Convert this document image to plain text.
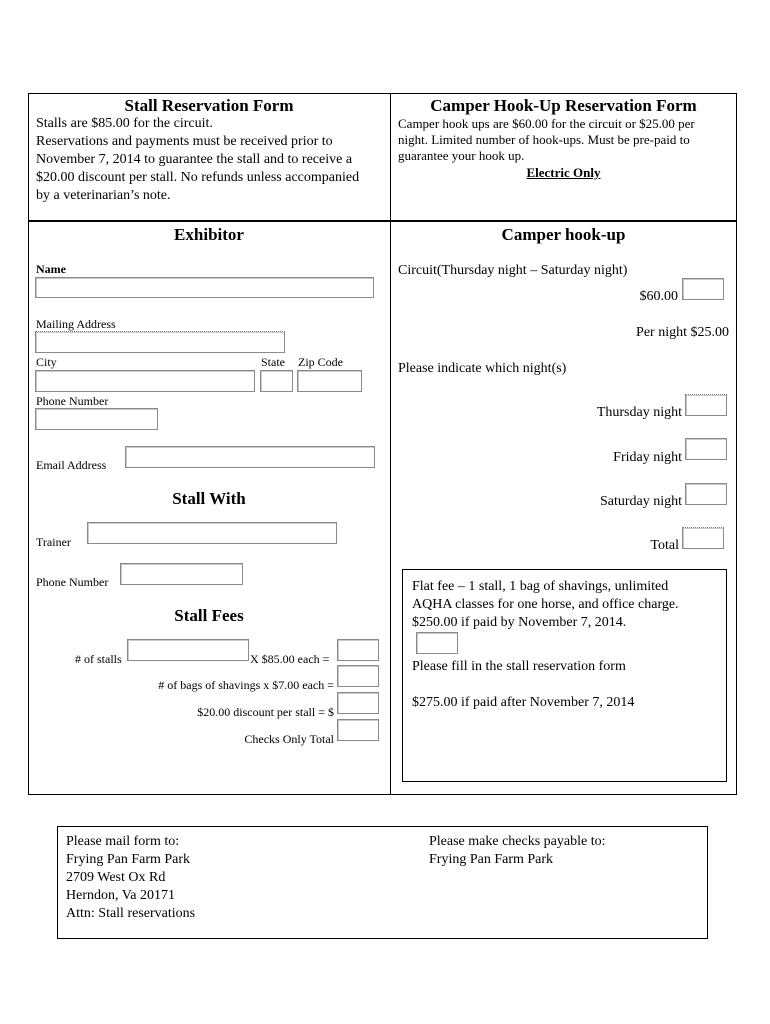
Stall Reservation Form
Stalls are $85.00 for the circuit.
Reservations and payments must be received prior to
November 7, 2014 to guarantee the stall and to receive a
$20.00 discount per stall. No refunds unless accompanied
by a veterinarian’s note.
Camper Hook-Up Reservation Form
Camper hook ups are $60.00 for the circuit or $25.00 per
night. Limited number of hook-ups. Must be pre-paid to
guarantee your hook up.
Electric Only
Exhibitor
Name
Mailing Address
City	State Zip Code
Phone Number
Email Address
Stall With
Trainer
Phone Number
Stall Fees
# of stalls	X $85.00 each =
# of bags of shavings x $7.00 each =
$20.00 discount per stall = $
Checks Only Total
Camper hook-up
Circuit(Thursday night – Saturday night)
$60.00
Per night $25.00
Please indicate which night(s)
Thursday night
Friday night
Saturday night
Total
Flat fee – 1 stall, 1 bag of shavings, unlimited
AQHA classes for one horse, and office charge.
$250.00 if paid by November 7, 2014.
Please fill in the stall reservation form
$275.00 if paid after November 7, 2014
Please mail form to:
Frying Pan Farm Park
2709 West Ox Rd
Herndon, Va 20171
Attn: Stall reservations
Please make checks payable to:
Frying Pan Farm Park
